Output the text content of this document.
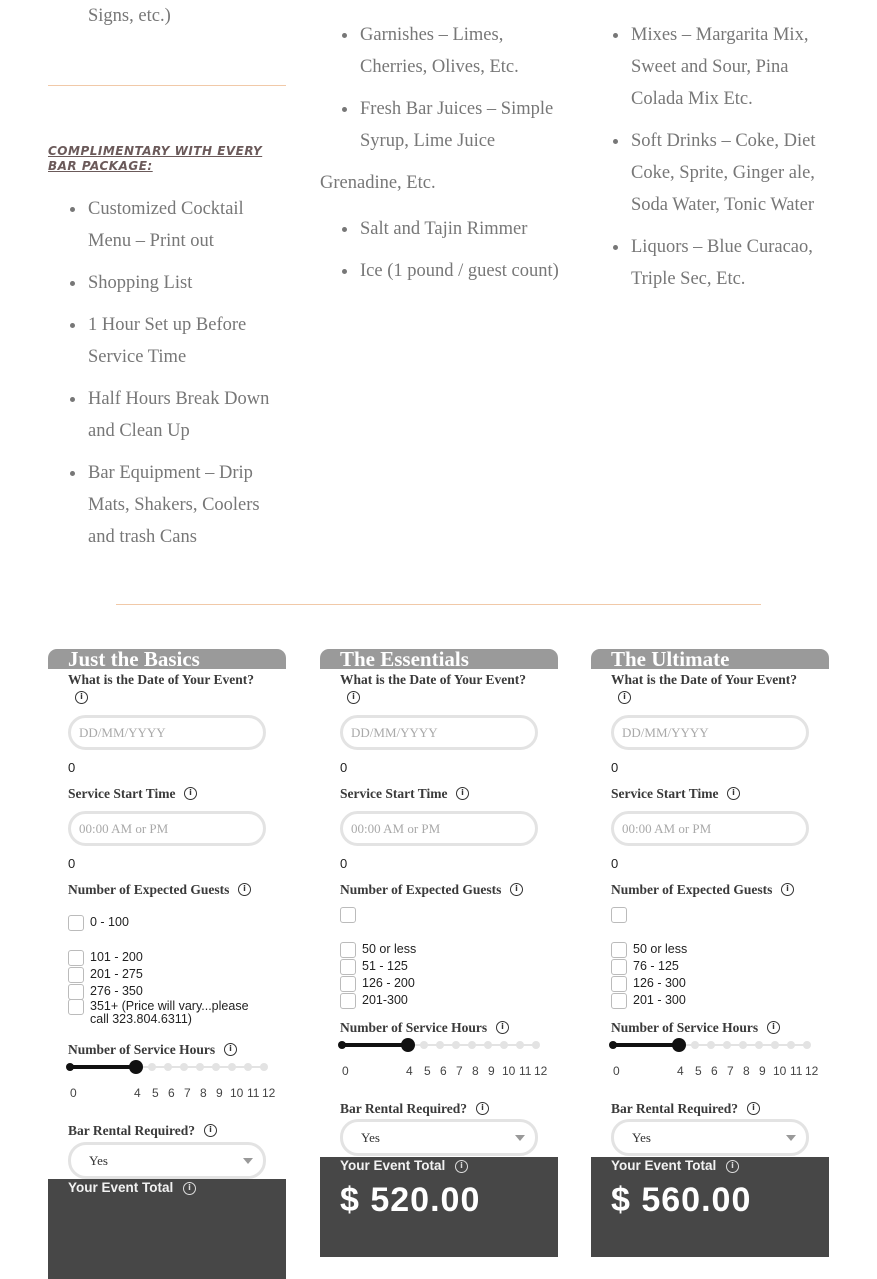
Signs, etc.)
COMPLIMENTARY WITH EVERY BAR PACKAGE:
Customized Cocktail Menu – Print out
Shopping List
1 Hour Set up Before Service Time
Half Hours Break Down and Clean Up
Bar Equipment – Drip Mats, Shakers, Coolers and trash Cans
Garnishes – Limes, Cherries, Olives, Etc.
Fresh Bar Juices – Simple Syrup, Lime Juice
Grenadine, Etc.
Salt and Tajin Rimmer
Ice (1 pound / guest count)
Mixes – Margarita Mix, Sweet and Sour, Pina Colada Mix Etc.
Soft Drinks – Coke, Diet Coke, Sprite, Ginger ale, Soda Water, Tonic Water
Liquors – Blue Curacao, Triple Sec, Etc.
Just the Basics
What is the Date of Your Event?
i
DD/MM/YYYY
0
Service Start Time	i
00:00 AM or PM
0
Number of Expected Guests	i
0 - 100
101 - 200
201 - 275
276 - 350
351+ (Price will vary...please call 323.804.6311)
Number of Service Hours	i
0	4 5 6 7 8 9 10 11 12
Bar Rental Required?	i
Yes
Your Event Total	i
The Essentials
What is the Date of Your Event?
i
DD/MM/YYYY
0
Service Start Time	i
00:00 AM or PM
0
Number of Expected Guests	i
50 or less
51 - 125
126 - 200
201-300
Number of Service Hours	i
0	4 5 6 7 8 9 10 11 12
Bar Rental Required?	i
Yes
Your Event Total	i
$ 520.00
The Ultimate
What is the Date of Your Event?
i
DD/MM/YYYY
0
Service Start Time	i
00:00 AM or PM
0
Number of Expected Guests	i
50 or less
76 - 125
126 - 300
201 - 300
Number of Service Hours	i
0	4 5 6 7 8 9 10 11 12
Bar Rental Required?	i
Yes
Your Event Total	i
$ 560.00
